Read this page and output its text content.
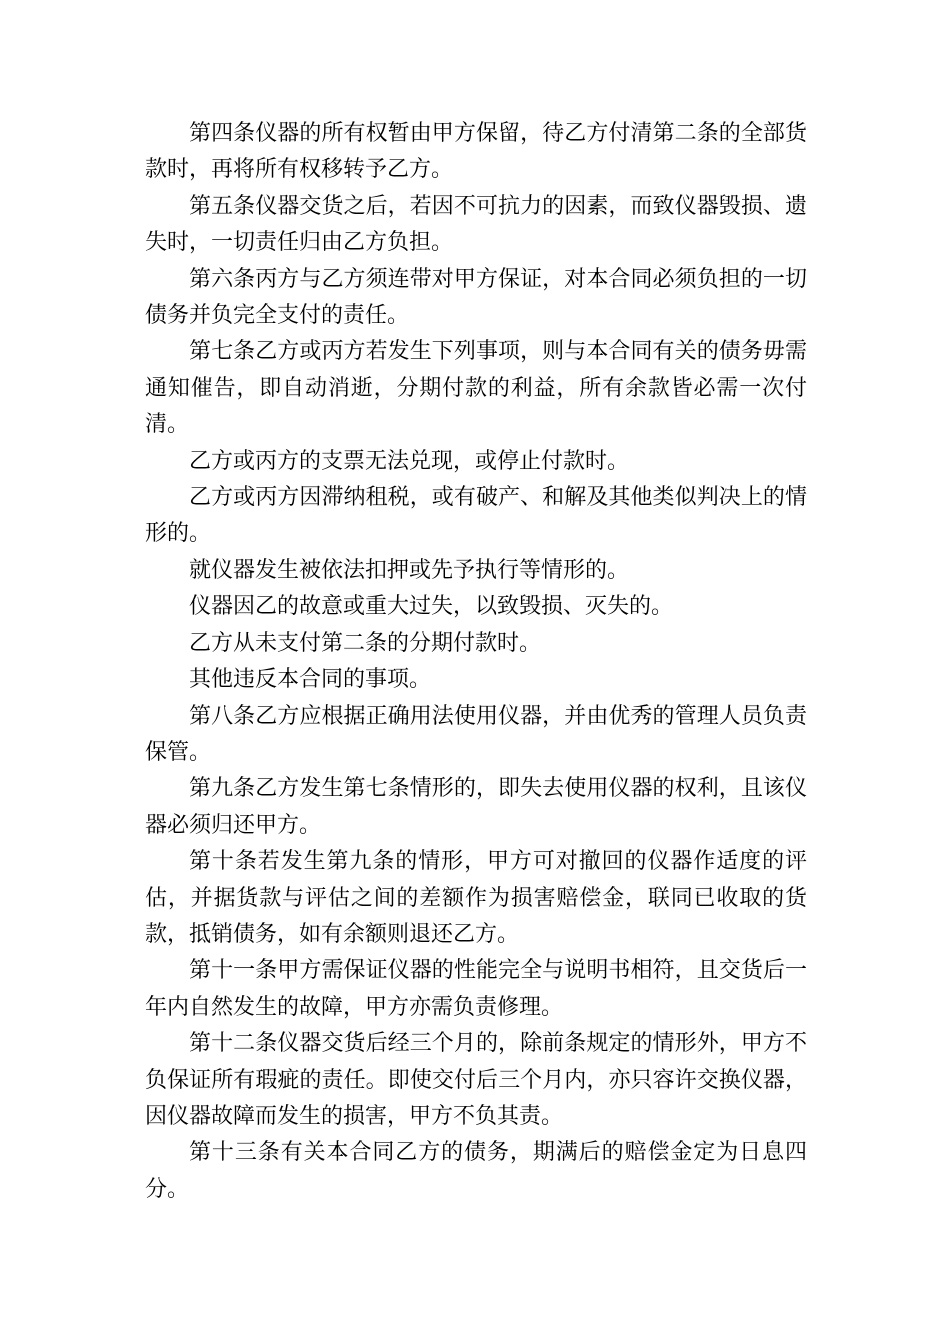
第四条仪器的所有权暂由甲方保留，待乙方付清第二条的全部货款时，再将所有权移转予乙方。

第五条仪器交货之后，若因不可抗力的因素，而致仪器毁损、遗失时，一切责任归由乙方负担。

第六条丙方与乙方须连带对甲方保证，对本合同必须负担的一切债务并负完全支付的责任。

第七条乙方或丙方若发生下列事项，则与本合同有关的债务毋需通知催告，即自动消逝，分期付款的利益，所有余款皆必需一次付清。

乙方或丙方的支票无法兑现，或停止付款时。

乙方或丙方因滞纳租税，或有破产、和解及其他类似判决上的情形的。

就仪器发生被依法扣押或先予执行等情形的。

仪器因乙的故意或重大过失，以致毁损、灭失的。

乙方从未支付第二条的分期付款时。

其他违反本合同的事项。

第八条乙方应根据正确用法使用仪器，并由优秀的管理人员负责保管。

第九条乙方发生第七条情形的，即失去使用仪器的权利，且该仪器必须归还甲方。

第十条若发生第九条的情形，甲方可对撤回的仪器作适度的评估，并据货款与评估之间的差额作为损害赔偿金，联同已收取的货款，抵销债务，如有余额则退还乙方。

第十一条甲方需保证仪器的性能完全与说明书相符，且交货后一年内自然发生的故障，甲方亦需负责修理。

第十二条仪器交货后经三个月的，除前条规定的情形外，甲方不负保证所有瑕疵的责任。即使交付后三个月内，亦只容许交换仪器，因仪器故障而发生的损害，甲方不负其责。

第十三条有关本合同乙方的债务，期满后的赔偿金定为日息四分。
